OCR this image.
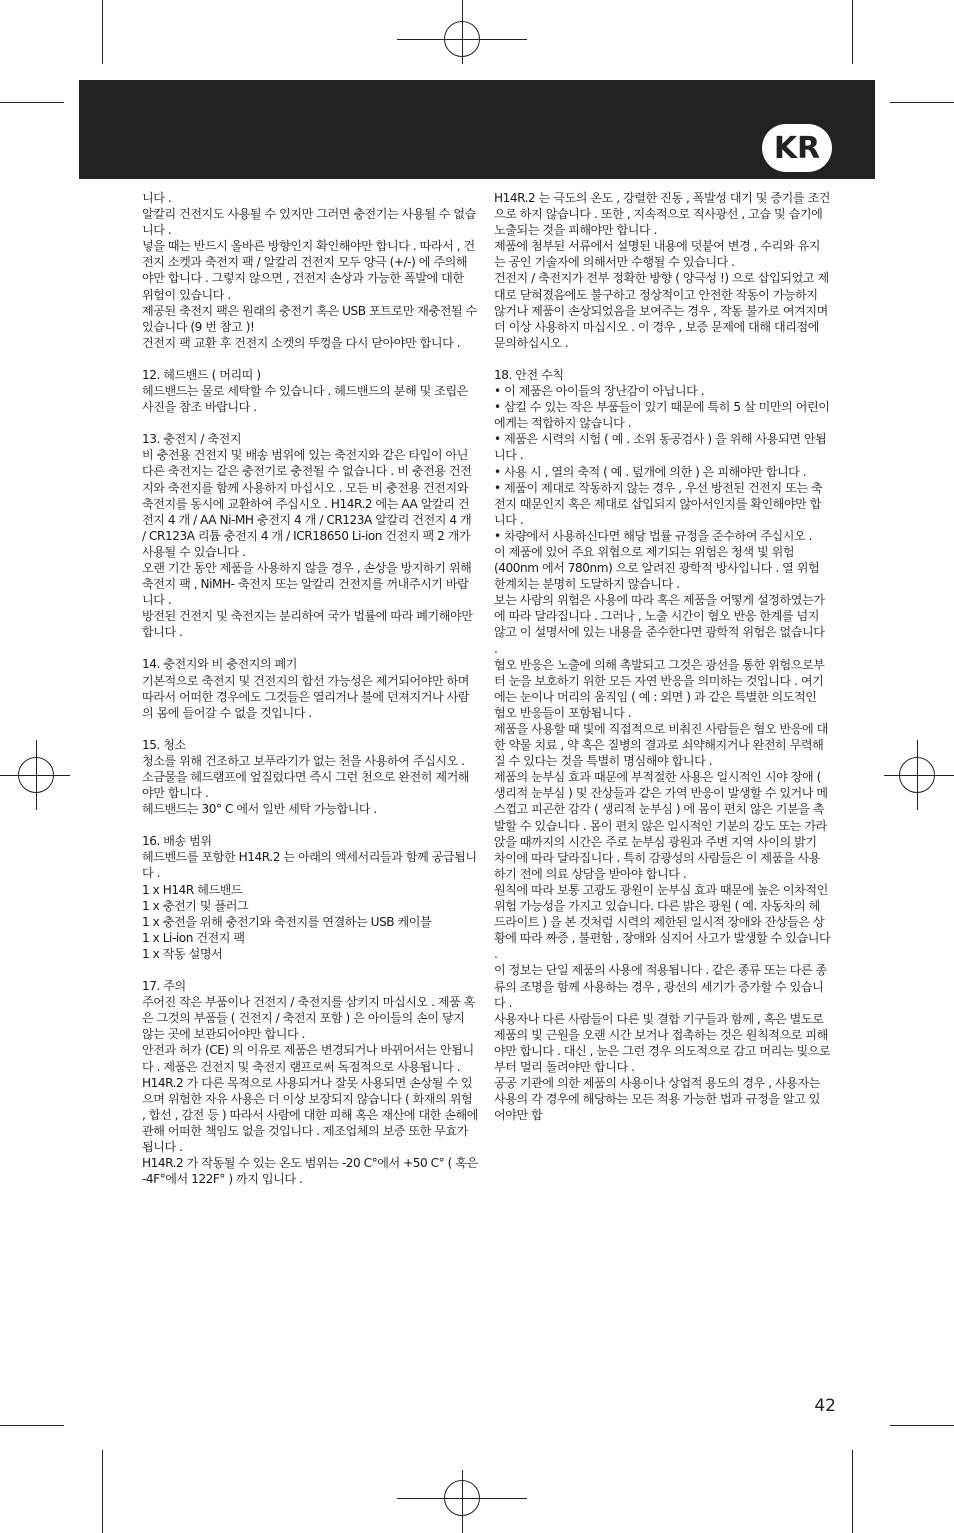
KR

니다 .
알칼리 건전지도 사용될 수 있지만 그러면 충전기는 사용될 수 없습니다 .
넣을 때는 반드시 올바른 방향인지 확인해야만 합니다 . 따라서 , 건전지 소켓과 축전지 팩 / 알칼리 건전지 모두 양극 (+/-) 에 주의해야만 합니다 . 그렇지 않으면 , 건전지 손상과 가능한 폭발에 대한 위험이 있습니다 .
제공된 축전지 팩은 원래의 충전기 혹은 USB 포트로만 재충전될 수 있습니다 (9 번 참고 )!
건전지 팩 교환 후 건전지 소켓의 뚜껑을 다시 닫아야만 합니다 .

12. 헤드밴드 ( 머리띠 )
헤드밴드는 물로 세탁할 수 있습니다 . 헤드밴드의 분해 및 조립은 사진을 참조 바랍니다 .

13. 충전지 / 축전지
비 충전용 건전지 및 배송 범위에 있는 축전지와 같은 타입이 아닌 다른 축전지는 같은 충전기로 충전될 수 없습니다 . 비 충전용 건전지와 축전지를 함께 사용하지 마십시오 . 모든 비 충전용 건전지와 축전지를 동시에 교환하여 주십시오 . H14R.2 에는 AA 알칼리 건전지 4 개 / AA Ni-MH 충전지 4 개 / CR123A 알칼리 건전지 4 개 / CR123A 리튬 충전지 4 개 / ICR18650 Li-ion 건전지 팩 2 개가 사용될 수 있습니다 .
오랜 기간 동안 제품을 사용하지 않을 경우 , 손상을 방지하기 위해 축전지 팩 , NiMH- 축전지 또는 알칼리 건전지를 꺼내주시기 바랍니다 .
방전된 건전지 및 축전지는 분리하여 국가 법률에 따라 폐기해야만 합니다 .

14. 충전지와 비 충전지의 폐기
기본적으로 축전지 및 건전지의 합선 가능성은 제거되어야만 하며 따라서 어떠한 경우에도 그것들은 열리거나 불에 던져지거나 사람의 몸에 들어갈 수 없을 것입니다 .

15. 청소
청소를 위해 건조하고 보푸라기가 없는 천을 사용하여 주십시오 .
소금물을 헤드램프에 엎질렀다면 즉시 그런 천으로 완전히 제거해야만 합니다 .
헤드밴드는 30° C 에서 일반 세탁 가능합니다 .

16. 배송 범위
헤드벤드를 포함한 H14R.2 는 아래의 액세서리들과 함께 공급됩니다 .
1 x H14R 헤드밴드
1 x 충전기 및 플러그
1 x 충전을 위해 충전기와 축전지를 연결하는 USB 케이블
1 x Li-ion 건전지 팩
1 x 작동 설명서

17. 주의
주어진 작은 부품이나 건전지 / 축전지를 삼키지 마십시오 . 제품 혹은 그것의 부품들 ( 건전지 / 축전지 포함 ) 은 아이들의 손이 닿지 않는 곳에 보관되어야만 합니다 .
안전과 허가 (CE) 의 이유로 제품은 변경되거나 바뀌어서는 안됩니다 . 제품은 건전지 및 축전지 램프로써 독점적으로 사용됩니다 . H14R.2 가 다른 목적으로 사용되거나 잘못 사용되면 손상될 수 있으며 위험한 자유 사용은 더 이상 보장되지 않습니다 ( 화재의 위험 , 합선 , 감전 등 ) 따라서 사람에 대한 피해 혹은 재산에 대한 손해에 관해 어떠한 책임도 없을 것입니다 . 제조업체의 보증 또한 무효가 됩니다 .
H14R.2 가 작동될 수 있는 온도 범위는 -20 C°에서 +50 C° ( 혹은 -4F°에서 122F° ) 까지 입니다 .

H14R.2 는 극도의 온도 , 강렬한 진동 , 폭발성 대기 및 증기를 조건으로 하지 않습니다 . 또한 , 지속적으로 직사광선 , 고습 및 습기에 노출되는 것을 피해야만 합니다 .
제품에 첨부된 서류에서 설명된 내용에 덧붙여 변경 , 수리와 유지는 공인 기술자에 의해서만 수행될 수 있습니다 .
건전지 / 축전지가 전부 정확한 방향 ( 양극성 !) 으로 삽입되었고 제대로 닫혀졌음에도 불구하고 정상적이고 안전한 작동이 가능하지 않거나 제품이 손상되었음을 보여주는 경우 , 작동 불가로 여겨지며 더 이상 사용하지 마십시오 . 이 경우 , 보증 문제에 대해 대리점에 문의하십시오 .

18. 안전 수칙
• 이 제품은 아이들의 장난감이 아닙니다 .
• 삼킬 수 있는 작은 부품들이 있기 때문에 특히 5 살 미만의 어린이에게는 적합하지 않습니다 .
• 제품은 시력의 시험 ( 예 . 소위 동공검사 ) 을 위해 사용되면 안됩니다 .
• 사용 시 , 열의 축적 ( 예 . 덮개에 의한 ) 은 피해야만 합니다 .
• 제품이 제대로 작동하지 않는 경우 , 우선 방전된 건전지 또는 축전지 때문인지 혹은 제대로 삽입되지 않아서인지를 확인해야만 합니다 .
• 차량에서 사용하신다면 해당 법률 규정을 준수하여 주십시오 .
이 제품에 있어 주요 위협으로 제기되는 위험은 청색 빛 위험 (400nm 에서 780nm) 으로 알려진 광학적 방사입니다 . 열 위험 한계치는 분명히 도달하지 않습니다 .
보는 사람의 위험은 사용에 따라 혹은 제품을 어떻게 설정하였는가에 따라 달라집니다 . 그러나 , 노출 시간이 혐오 반응 한계를 넘지 않고 이 설명서에 있는 내용을 준수한다면 광학적 위험은 없습니다 .
혐오 반응은 노출에 의해 촉발되고 그것은 광선을 통한 위험으로부터 눈을 보호하기 위한 모든 자연 반응을 의미하는 것입니다 . 여기에는 눈이나 머리의 움직임 ( 예 : 외면 ) 과 같은 특별한 의도적인 혐오 반응들이 포함됩니다 .
제품을 사용할 때 빛에 직접적으로 비춰진 사람들은 혐오 반응에 대한 약물 치료 , 약 혹은 질병의 결과로 쇠약해지거나 완전히 무력해질 수 있다는 것을 특별히 명심해야 합니다 .
제품의 눈부심 효과 때문에 부적절한 사용은 일시적인 시야 장애 ( 생리적 눈부심 ) 및 잔상들과 같은 가역 반응이 발생할 수 있거나 메스껍고 피곤한 감각 ( 생리적 눈부심 ) 에 몸이 편치 않은 기분을 촉발할 수 있습니다 . 몸이 편치 않은 일시적인 기분의 강도 또는 가라앉을 때까지의 시간은 주로 눈부심 광원과 주변 지역 사이의 밝기 차이에 따라 달라집니다 . 특히 감광성의 사람들은 이 제품을 사용하기 전에 의료 상담을 받아야 합니다 .
원칙에 따라 보통 고광도 광원이 눈부심 효과 때문에 높은 이차적인 위험 가능성을 가지고 있습니다. 다른 밝은 광원 ( 예. 자동차의 헤드라이트 ) 을 본 것처럼 시력의 제한된 일시적 장애와 잔상들은 상황에 따라 짜증 , 불편함 , 장애와 심지어 사고가 발생할 수 있습니다 .
이 정보는 단일 제품의 사용에 적용됩니다 . 같은 종류 또는 다른 종류의 조명을 함께 사용하는 경우 , 광선의 세기가 증가할 수 있습니다 .
사용자나 다른 사람들이 다른 빛 결합 기구들과 함께 , 혹은 별도로 제품의 빛 근원을 오랜 시간 보거나 접촉하는 것은 원칙적으로 피해야만 합니다 . 대신 , 눈은 그런 경우 의도적으로 감고 머리는 빛으로부터 멀리 돌려야만 합니다 .
공공 기관에 의한 제품의 사용이나 상업적 용도의 경우 , 사용자는 사용의 각 경우에 해당하는 모든 적용 가능한 법과 규정을 알고 있어야만 합

42
